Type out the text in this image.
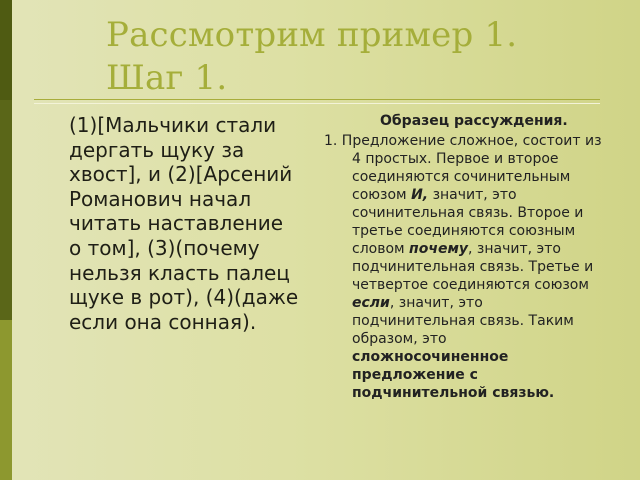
Рассмотрим пример 1.
Шаг 1.

(1)[Мальчики стали дергать щуку за хвост], и (2)[Арсений Романович начал читать наставление о том], (3)(почему нельзя класть палец щуке в рот), (4)(даже если она сонная).

Образец рассуждения.

1. Предложение сложное, состоит из 4 простых. Первое и второе соединяются сочинительным союзом И, значит, это сочинительная связь. Второе и третье соединяются союзным словом почему, значит, это подчинительная связь. Третье и четвертое соединяются союзом если, значит, это подчинительная связь. Таким образом, это сложносочиненное предложение с подчинительной связью.
